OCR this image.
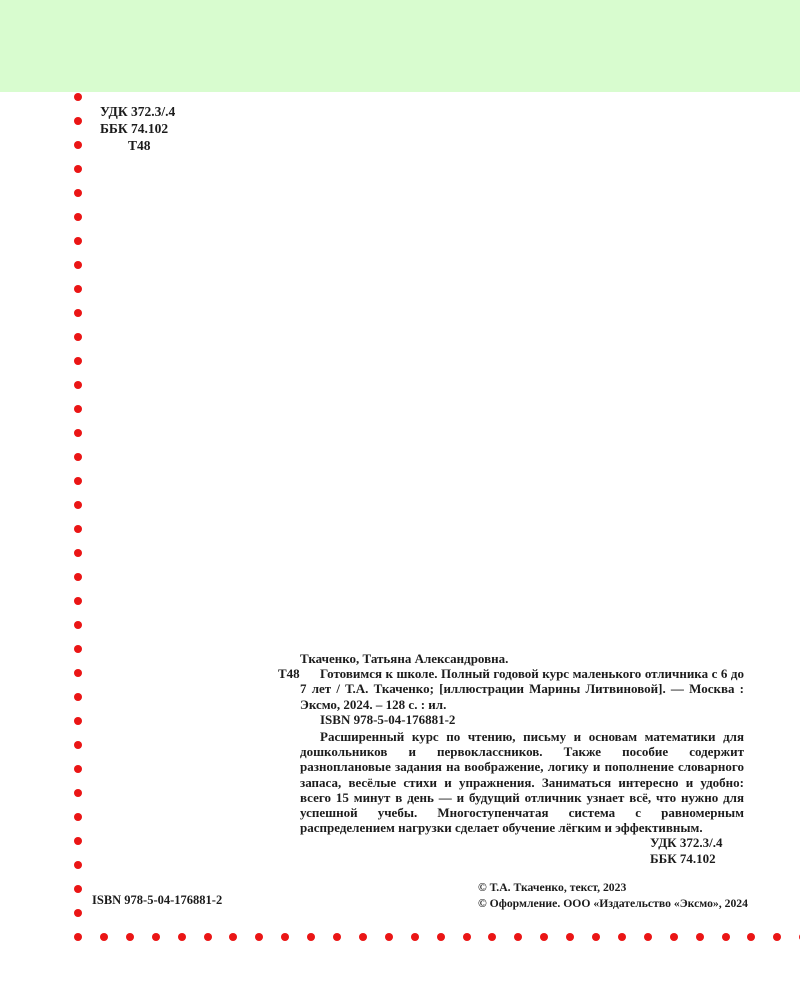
УДК 372.3/.4
ББК 74.102
Т48

Ткаченко, Татьяна Александровна.

Т48	Готовимся к школе. Полный годовой курс маленького отличника с 6 до 7 лет / Т.А. Ткаченко; [иллюстрации Марины Литвиновой]. — Москва : Эксмо, 2024. – 128 с. : ил.

ISBN 978-5-04-176881-2

Расширенный курс по чтению, письму и основам математики для дошкольников и первоклассников. Также пособие содержит разноплановые задания на воображение, логику и пополнение словарного запаса, весёлые стихи и упражнения. Заниматься интересно и удобно: всего 15 минут в день — и будущий отличник узнает всё, что нужно для успешной учебы. Многоступенчатая система с равномерным распределением нагрузки сделает обучение лёгким и эффективным.

УДК 372.3/.4
ББК 74.102
ISBN 978-5-04-176881-2
© Т.А. Ткаченко, текст, 2023
© Оформление. ООО «Издательство «Эксмо», 2024
